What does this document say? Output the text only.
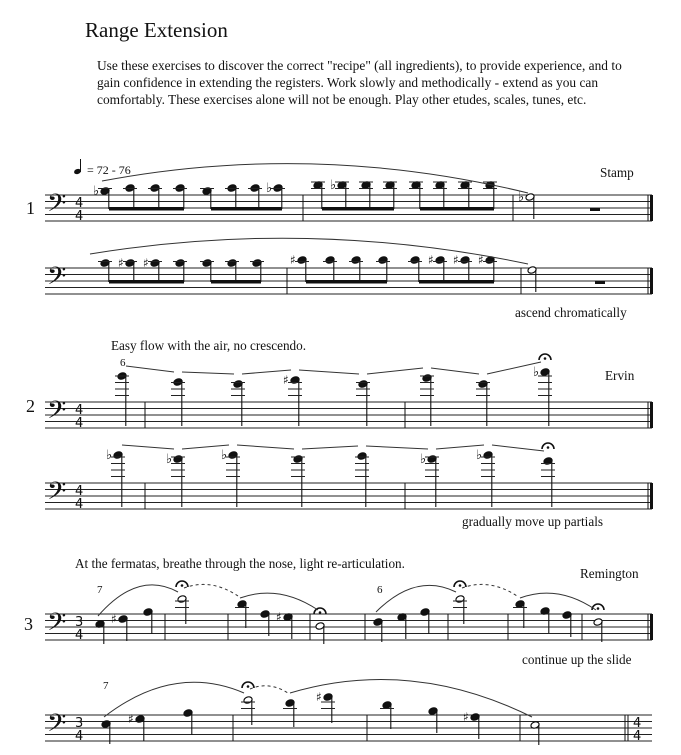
Range Extension
Use these exercises to discover the correct "recipe" (all ingredients), to provide experience, and to gain confidence in extending the registers. Work slowly and methodically - extend as you can comfortably. These exercises alone will not be enough. Play other etudes, scales, tunes, etc.
= 72 - 76	Stamp
1
ascend chromatically
Easy flow with the air, no crescendo.
6
Ervin
2
gradually move up partials
At the fermatas, breathe through the nose, light re-articulation.
Remington
7	6
3
continue up the slide
7
𝄢 4
4
♭	♭	♭
♭
𝄢	♯ ♯	♯	♯ ♯ ♯
𝄢 4
4
♯	♭
𝄢 4
4
♭	♭	♭	♭	♭
𝄢 3
4
♯	♯
𝄢 3
4
4
4
♯
♯
♯
